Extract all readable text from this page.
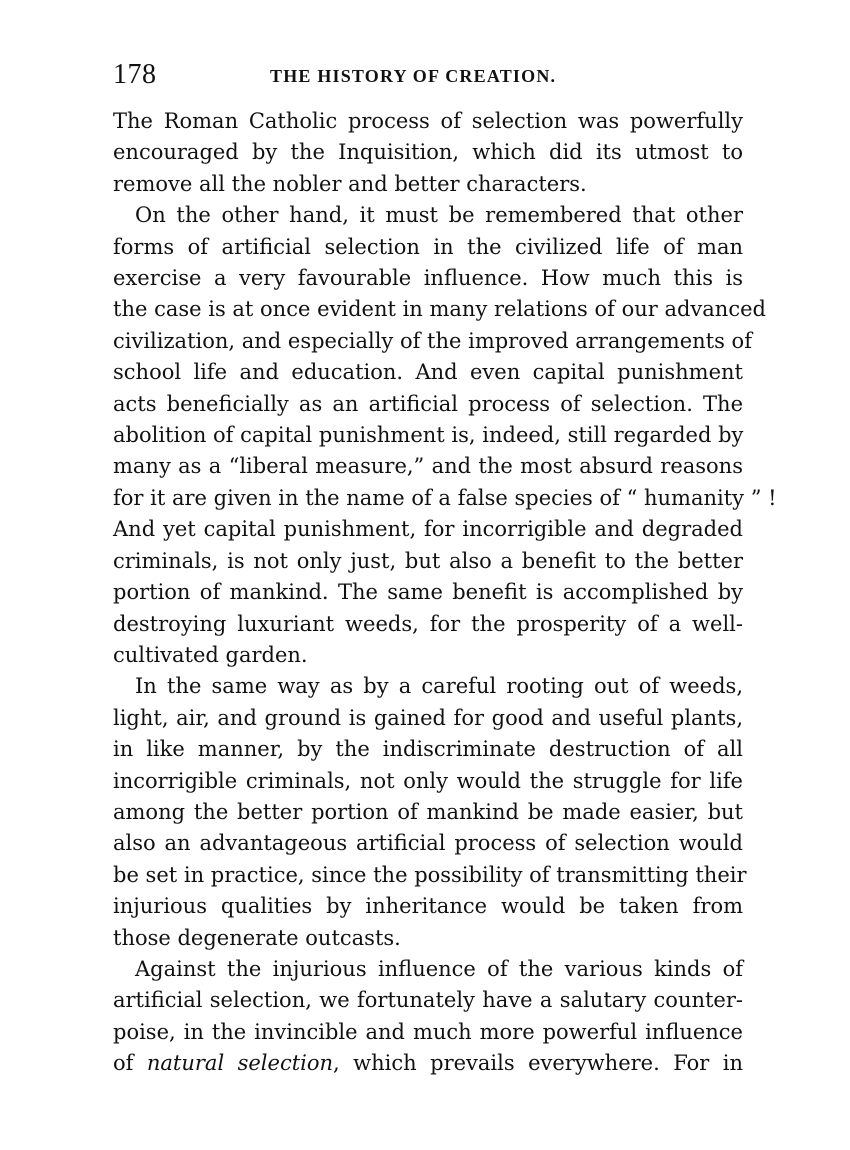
178	THE HISTORY OF CREATION.

The Roman Catholic process of selection was powerfully
encouraged by the Inquisition, which did its utmost to
remove all the nobler and better characters.

On the other hand, it must be remembered that other
forms of artificial selection in the civilized life of man
exercise a very favourable influence. How much this is
the case is at once evident in many relations of our advanced
civilization, and especially of the improved arrangements of
school life and education. And even capital punishment
acts beneficially as an artificial process of selection. The
abolition of capital punishment is, indeed, still regarded by
many as a “liberal measure,” and the most absurd reasons
for it are given in the name of a false species of “ humanity ” !
And yet capital punishment, for incorrigible and degraded
criminals, is not only just, but also a benefit to the better
portion of mankind. The same benefit is accomplished by
destroying luxuriant weeds, for the prosperity of a well-
cultivated garden.

In the same way as by a careful rooting out of weeds,
light, air, and ground is gained for good and useful plants,
in like manner, by the indiscriminate destruction of all
incorrigible criminals, not only would the struggle for life
among the better portion of mankind be made easier, but
also an advantageous artificial process of selection would
be set in practice, since the possibility of transmitting their
injurious qualities by inheritance would be taken from
those degenerate outcasts.

Against the injurious influence of the various kinds of
artificial selection, we fortunately have a salutary counter-
poise, in the invincible and much more powerful influence
of natural selection, which prevails everywhere. For in
